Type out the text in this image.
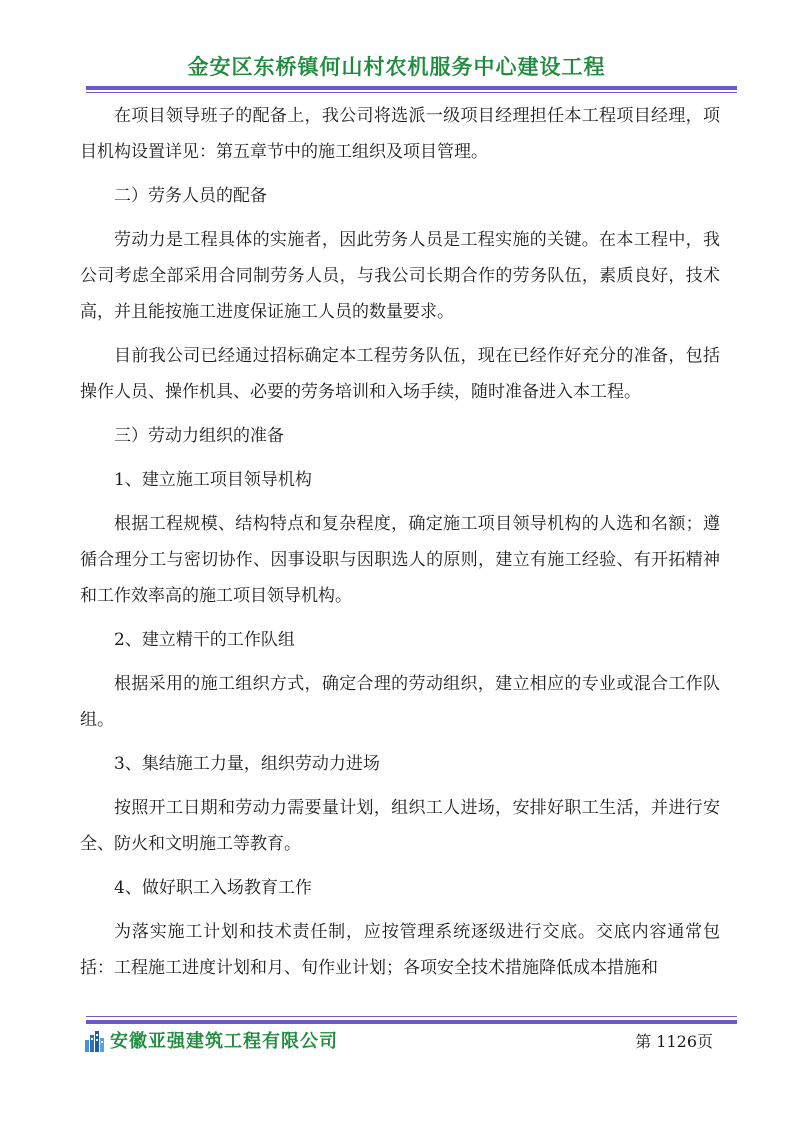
金安区东桥镇何山村农机服务中心建设工程

在项目领导班子的配备上，我公司将选派一级项目经理担任本工程项目经理，项目机构设置详见：第五章节中的施工组织及项目管理。

二）劳务人员的配备

劳动力是工程具体的实施者，因此劳务人员是工程实施的关键。在本工程中，我公司考虑全部采用合同制劳务人员，与我公司长期合作的劳务队伍，素质良好，技术高，并且能按施工进度保证施工人员的数量要求。

目前我公司已经通过招标确定本工程劳务队伍，现在已经作好充分的准备，包括操作人员、操作机具、必要的劳务培训和入场手续，随时准备进入本工程。

三）劳动力组织的准备

1、建立施工项目领导机构

根据工程规模、结构特点和复杂程度，确定施工项目领导机构的人选和名额；遵循合理分工与密切协作、因事设职与因职选人的原则，建立有施工经验、有开拓精神和工作效率高的施工项目领导机构。

2、建立精干的工作队组

根据采用的施工组织方式，确定合理的劳动组织，建立相应的专业或混合工作队组。

3、集结施工力量，组织劳动力进场

按照开工日期和劳动力需要量计划，组织工人进场，安排好职工生活，并进行安全、防火和文明施工等教育。

4、做好职工入场教育工作

为落实施工计划和技术责任制，应按管理系统逐级进行交底。交底内容通常包括：工程施工进度计划和月、旬作业计划；各项安全技术措施降低成本措施和

安徽亚强建筑工程有限公司	第 1126页
